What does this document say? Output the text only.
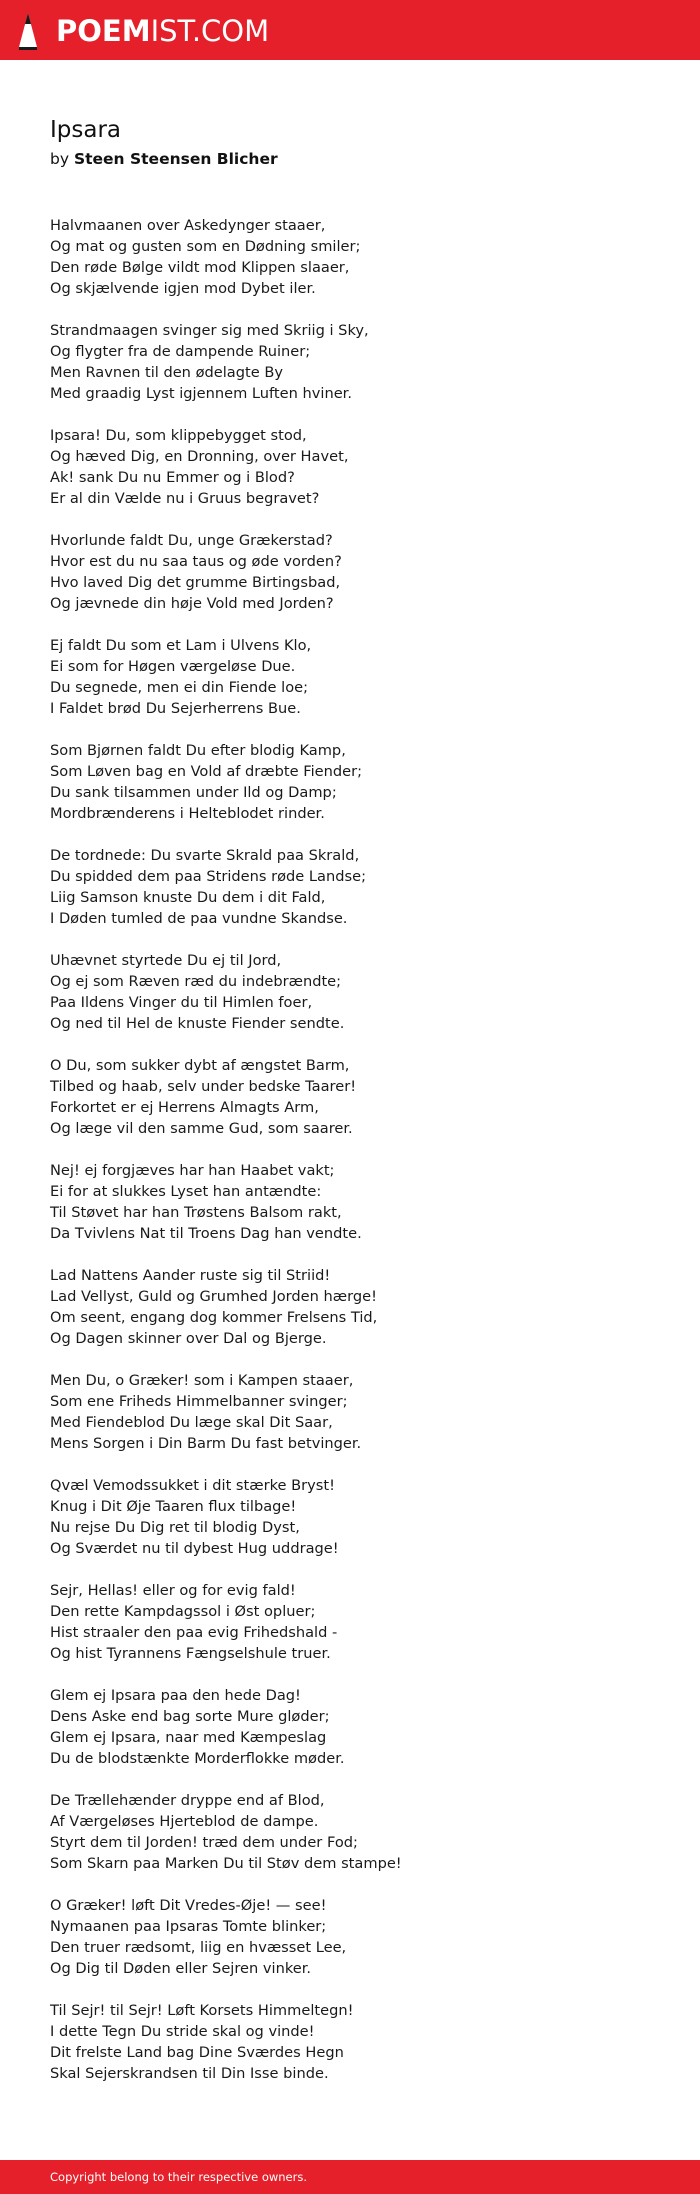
POEMIST.COM
Ipsara

by Steen Steensen Blicher

Halvmaanen over Askedynger staaer,
Og mat og gusten som en Dødning smiler;
Den røde Bølge vildt mod Klippen slaaer,
Og skjælvende igjen mod Dybet iler.
Strandmaagen svinger sig med Skriig i Sky,
Og flygter fra de dampende Ruiner;
Men Ravnen til den ødelagte By
Med graadig Lyst igjennem Luften hviner.
Ipsara! Du, som klippebygget stod,
Og hæved Dig, en Dronning, over Havet,
Ak! sank Du nu Emmer og i Blod?
Er al din Vælde nu i Gruus begravet?
Hvorlunde faldt Du, unge Grækerstad?
Hvor est du nu saa taus og øde vorden?
Hvo laved Dig det grumme Birtingsbad,
Og jævnede din høje Vold med Jorden?
Ej faldt Du som et Lam i Ulvens Klo,
Ei som for Høgen værgeløse Due.
Du segnede, men ei din Fiende loe;
I Faldet brød Du Sejerherrens Bue.
Som Bjørnen faldt Du efter blodig Kamp,
Som Løven bag en Vold af dræbte Fiender;
Du sank tilsammen under Ild og Damp;
Mordbrænderens i Helteblodet rinder.
De tordnede: Du svarte Skrald paa Skrald,
Du spidded dem paa Stridens røde Landse;
Liig Samson knuste Du dem i dit Fald,
I Døden tumled de paa vundne Skandse.
Uhævnet styrtede Du ej til Jord,
Og ej som Ræven ræd du indebrændte;
Paa Ildens Vinger du til Himlen foer,
Og ned til Hel de knuste Fiender sendte.
O Du, som sukker dybt af ængstet Barm,
Tilbed og haab, selv under bedske Taarer!
Forkortet er ej Herrens Almagts Arm,
Og læge vil den samme Gud, som saarer.
Nej! ej forgjæves har han Haabet vakt;
Ei for at slukkes Lyset han antændte:
Til Støvet har han Trøstens Balsom rakt,
Da Tvivlens Nat til Troens Dag han vendte.
Lad Nattens Aander ruste sig til Striid!
Lad Vellyst, Guld og Grumhed Jorden hærge!
Om seent, engang dog kommer Frelsens Tid,
Og Dagen skinner over Dal og Bjerge.
Men Du, o Græker! som i Kampen staaer,
Som ene Friheds Himmelbanner svinger;
Med Fiendeblod Du læge skal Dit Saar,
Mens Sorgen i Din Barm Du fast betvinger.
Qvæl Vemodssukket i dit stærke Bryst!
Knug i Dit Øje Taaren flux tilbage!
Nu rejse Du Dig ret til blodig Dyst,
Og Sværdet nu til dybest Hug uddrage!
Sejr, Hellas! eller og for evig fald!
Den rette Kampdagssol i Øst opluer;
Hist straaler den paa evig Frihedshald -
Og hist Tyrannens Fængselshule truer.
Glem ej Ipsara paa den hede Dag!
Dens Aske end bag sorte Mure gløder;
Glem ej Ipsara, naar med Kæmpeslag
Du de blodstænkte Morderflokke møder.
De Trællehænder dryppe end af Blod,
Af Værgeløses Hjerteblod de dampe.
Styrt dem til Jorden! træd dem under Fod;
Som Skarn paa Marken Du til Støv dem stampe!
O Græker! løft Dit Vredes-Øje! — see!
Nymaanen paa Ipsaras Tomte blinker;
Den truer rædsomt, liig en hvæsset Lee,
Og Dig til Døden eller Sejren vinker.
Til Sejr! til Sejr! Løft Korsets Himmeltegn!
I dette Tegn Du stride skal og vinde!
Dit frelste Land bag Dine Sværdes Hegn
Skal Sejerskrandsen til Din Isse binde.
Copyright belong to their respective owners.
